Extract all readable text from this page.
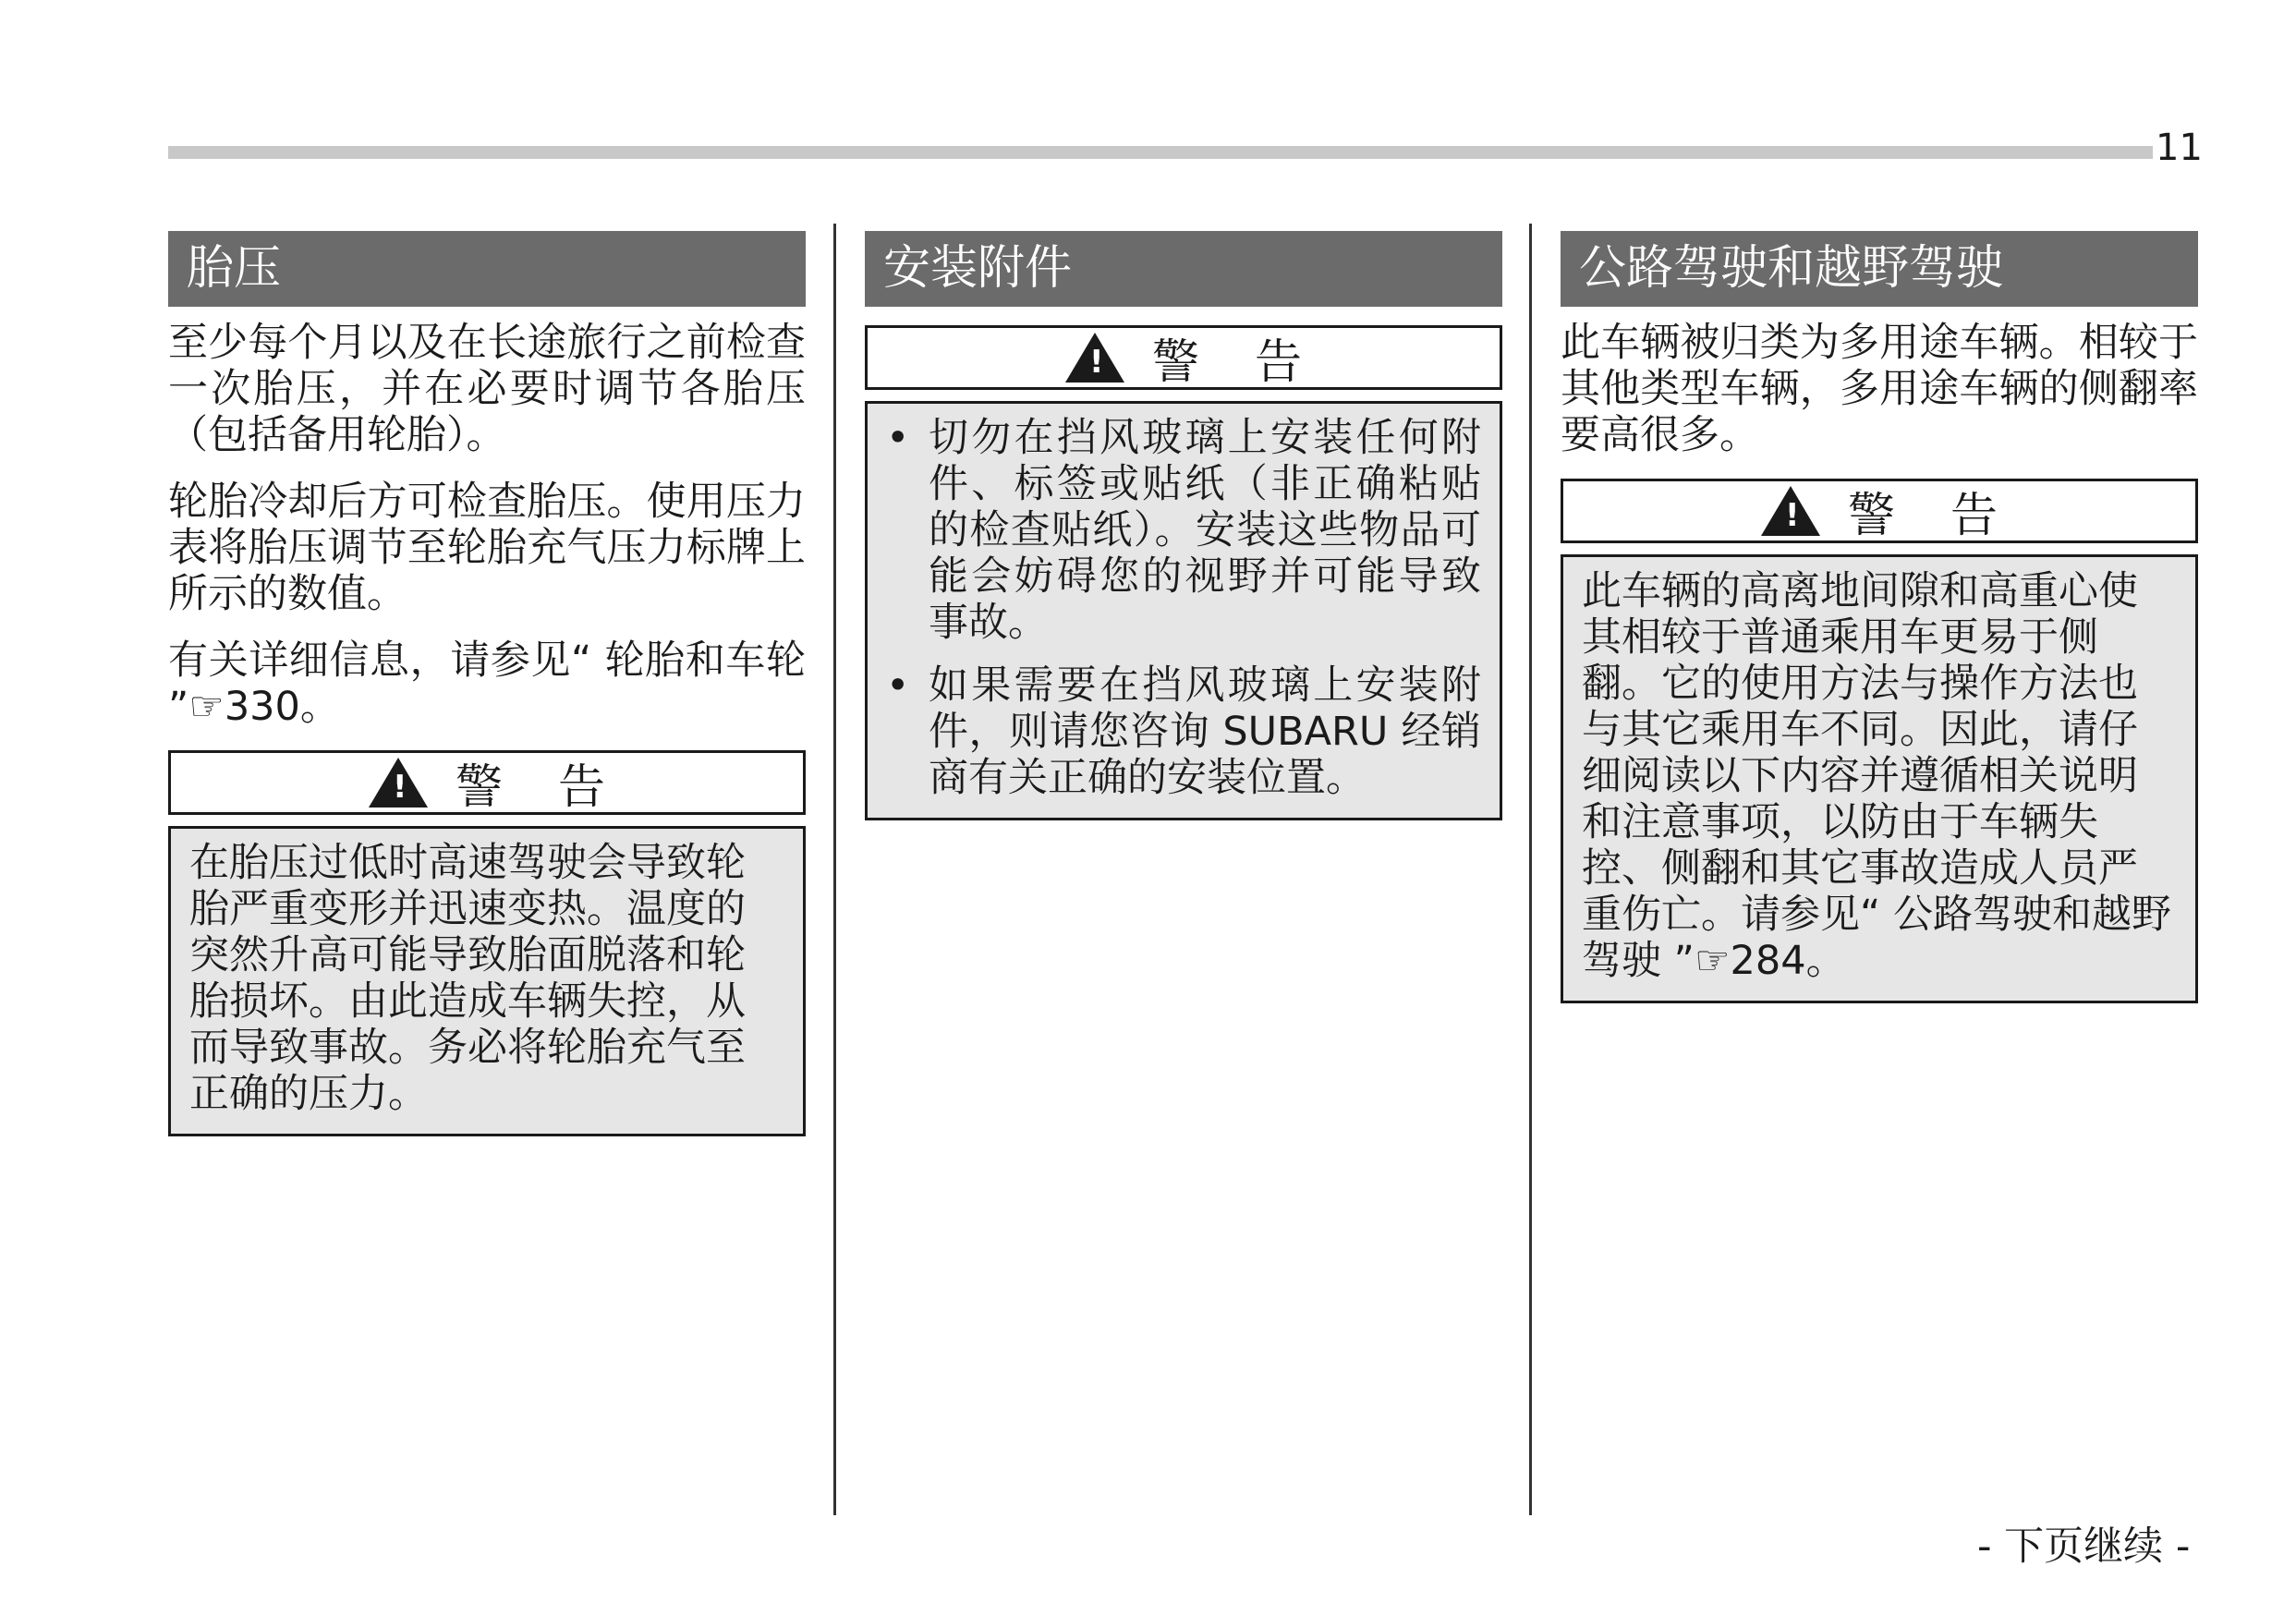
11
胎压
至少每个月以及在长途旅行之前检查一次胎压，并在必要时调节各胎压（包括备用轮胎）。
轮胎冷却后方可检查胎压。使用压力表将胎压调节至轮胎充气压力标牌上所示的数值。
有关详细信息，请参见“ 轮胎和车轮 ”☞330。
! 警告
在胎压过低时高速驾驶会导致轮胎严重变形并迅速变热。温度的突然升高可能导致胎面脱落和轮胎损坏。由此造成车辆失控，从而导致事故。务必将轮胎充气至正确的压力。
安装附件
! 警告
• 切勿在挡风玻璃上安装任何附件、标签或贴纸（非正确粘贴的检查贴纸）。安装这些物品可能会妨碍您的视野并可能导致事故。
• 如果需要在挡风玻璃上安装附件，则请您咨询 SUBARU 经销商有关正确的安装位置。
公路驾驶和越野驾驶
此车辆被归类为多用途车辆。相较于其他类型车辆，多用途车辆的侧翻率要高很多。
! 警告
此车辆的高离地间隙和高重心使其相较于普通乘用车更易于侧翻。它的使用方法与操作方法也与其它乘用车不同。因此，请仔细阅读以下内容并遵循相关说明和注意事项，以防由于车辆失控、侧翻和其它事故造成人员严重伤亡。请参见“ 公路驾驶和越野驾驶 ”☞284。
- 下页继续 -
